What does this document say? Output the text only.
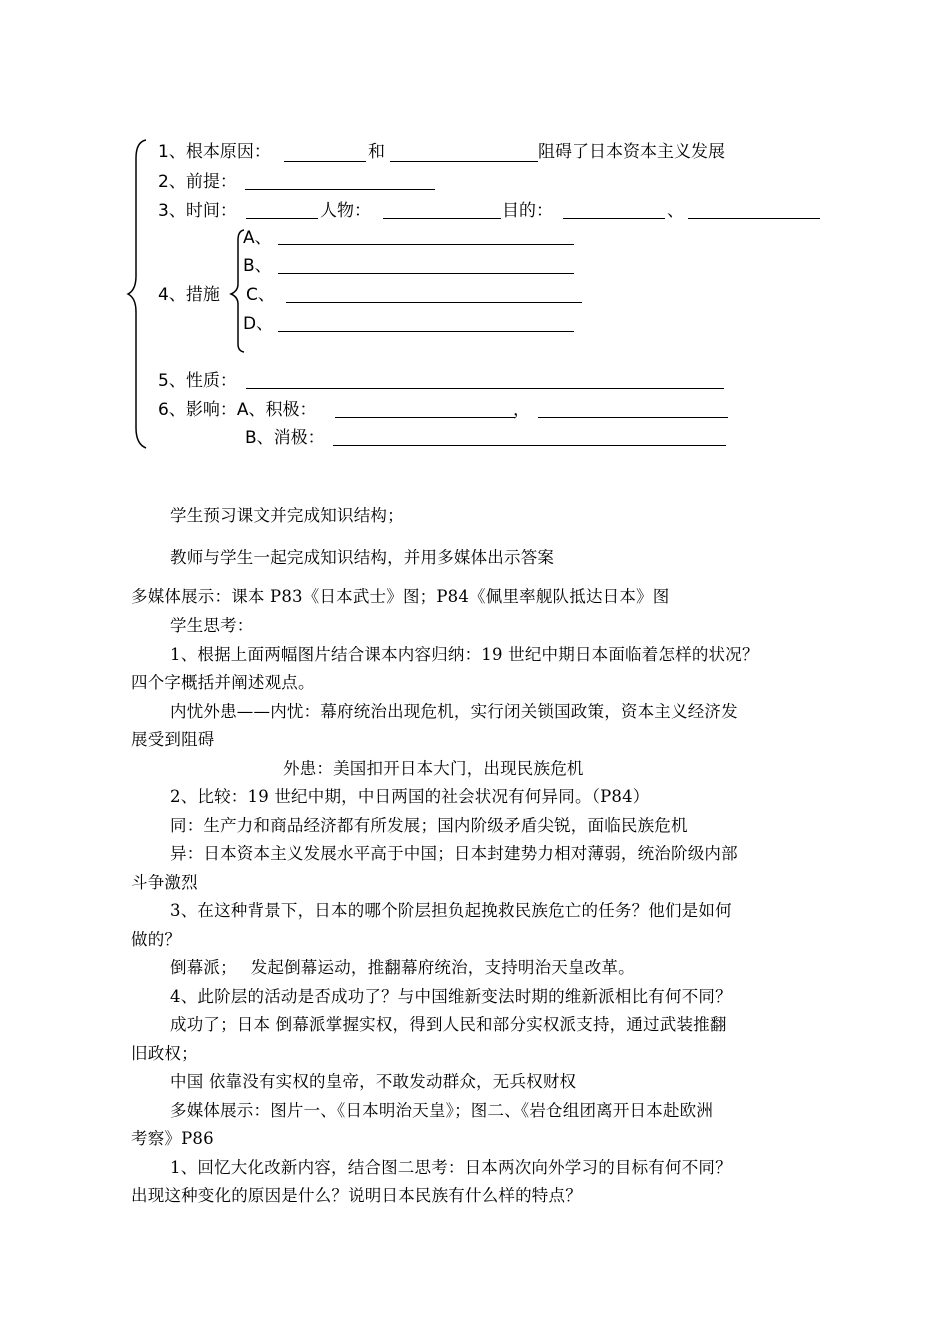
1、根本原因：	和	阻碍了日本资本主义发展
2、前提：
3、时间：	人物：	目的：	、
4、措施
A、
B、
C、
D、
5、性质：
6、影响：A、积极：	，
B、消极：
学生预习课文并完成知识结构；
教师与学生一起完成知识结构，并用多媒体出示答案
多媒体展示：课本 P83《日本武士》图；P84《佩里率舰队抵达日本》图
学生思考：
1、根据上面两幅图片结合课本内容归纳：19 世纪中期日本面临着怎样的状况？
四个字概括并阐述观点。
内忧外患——内忧：幕府统治出现危机，实行闭关锁国政策，资本主义经济发
展受到阻碍
外患：美国扣开日本大门，出现民族危机
2、比较：19 世纪中期，中日两国的社会状况有何异同。（P84）
同：生产力和商品经济都有所发展；国内阶级矛盾尖锐，面临民族危机
异：日本资本主义发展水平高于中国；日本封建势力相对薄弱，统治阶级内部
斗争激烈
3、在这种背景下，日本的哪个阶层担负起挽救民族危亡的任务？他们是如何
做的？
倒幕派；　 发起倒幕运动，推翻幕府统治，支持明治天皇改革。
4、此阶层的活动是否成功了？与中国维新变法时期的维新派相比有何不同？
成功了；日本 倒幕派掌握实权，得到人民和部分实权派支持，通过武装推翻
旧政权；
中国 依靠没有实权的皇帝，不敢发动群众，无兵权财权
多媒体展示：图片一、《日本明治天皇》；图二、《岩仓组团离开日本赴欧洲
考察》P86
1、回忆大化改新内容，结合图二思考：日本两次向外学习的目标有何不同？
出现这种变化的原因是什么？说明日本民族有什么样的特点？
